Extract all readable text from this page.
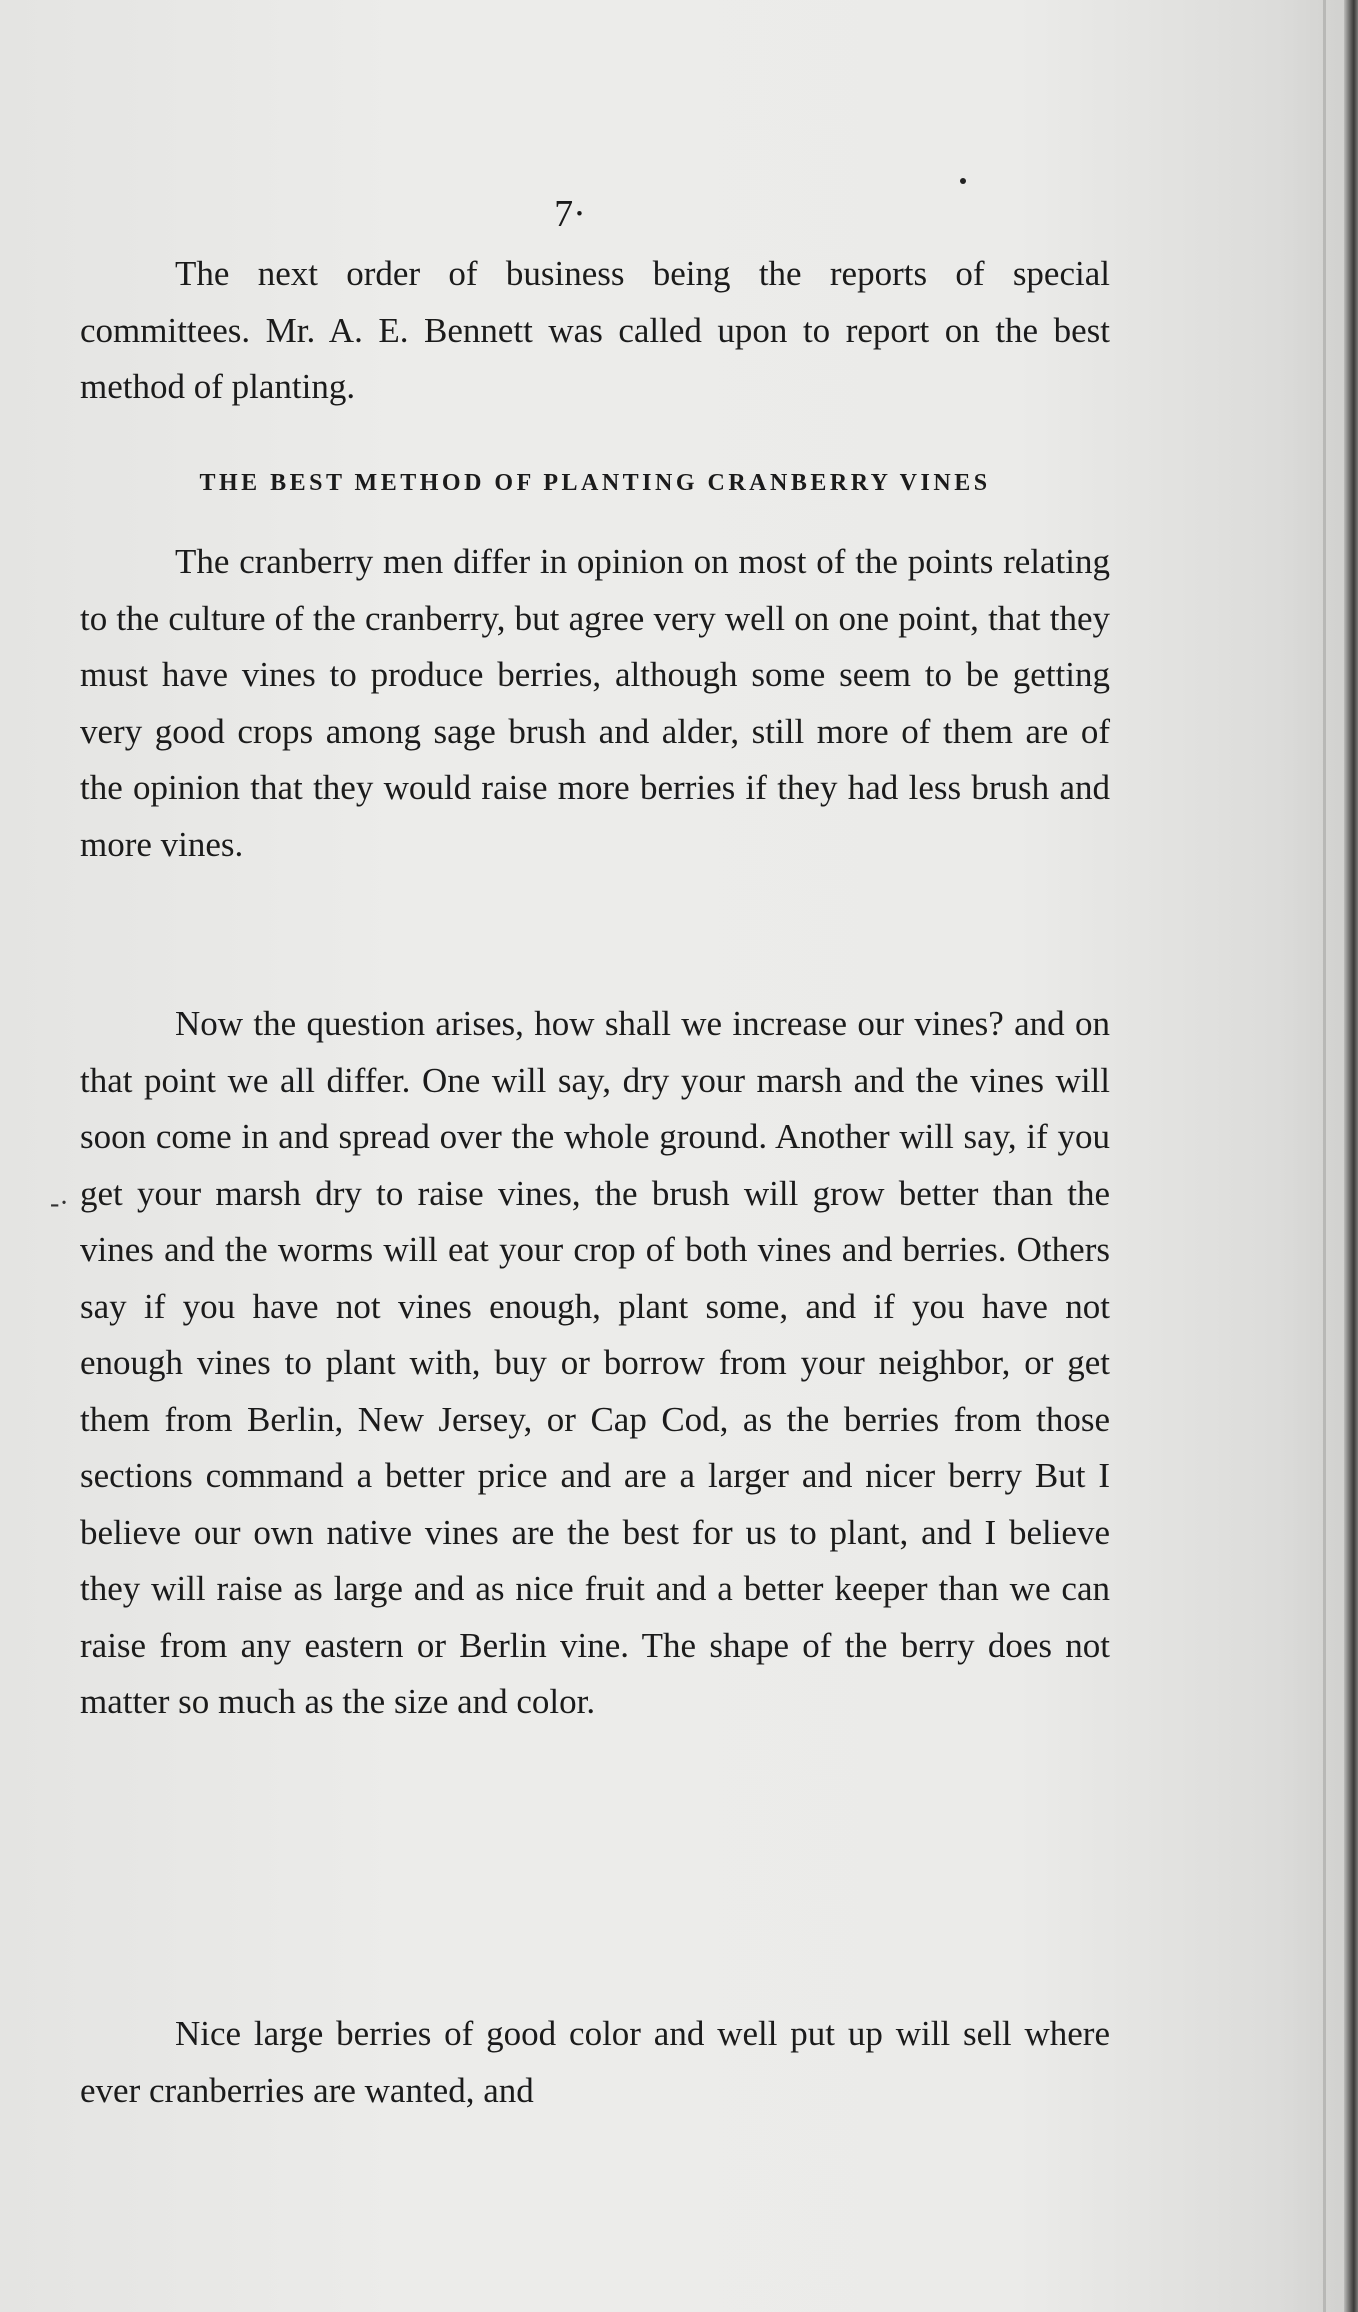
7·

The next order of business being the reports of special committees. Mr. A. E. Bennett was called upon to report on the best method of planting.

THE BEST METHOD OF PLANTING CRANBERRY VINES

The cranberry men differ in opinion on most of the points relating to the culture of the cranberry, but agree very well on one point, that they must have vines to produce berries, although some seem to be getting very good crops among sage brush and alder, still more of them are of the opinion that they would raise more berries if they had less brush and more vines.

-·

Now the question arises, how shall we increase our vines? and on that point we all differ. One will say, dry your marsh and the vines will soon come in and spread over the whole ground. Another will say, if you get your marsh dry to raise vines, the brush will grow better than the vines and the worms will eat your crop of both vines and berries. Others say if you have not vines enough, plant some, and if you have not enough vines to plant with, buy or borrow from your neighbor, or get them from Berlin, New Jersey, or Cap Cod, as the berries from those sections command a better price and are a larger and nicer berry But I believe our own native vines are the best for us to plant, and I believe they will raise as large and as nice fruit and a better keeper than we can raise from any eastern or Berlin vine. The shape of the berry does not matter so much as the size and color.

Nice large berries of good color and well put up will sell where ever cranberries are wanted, and
